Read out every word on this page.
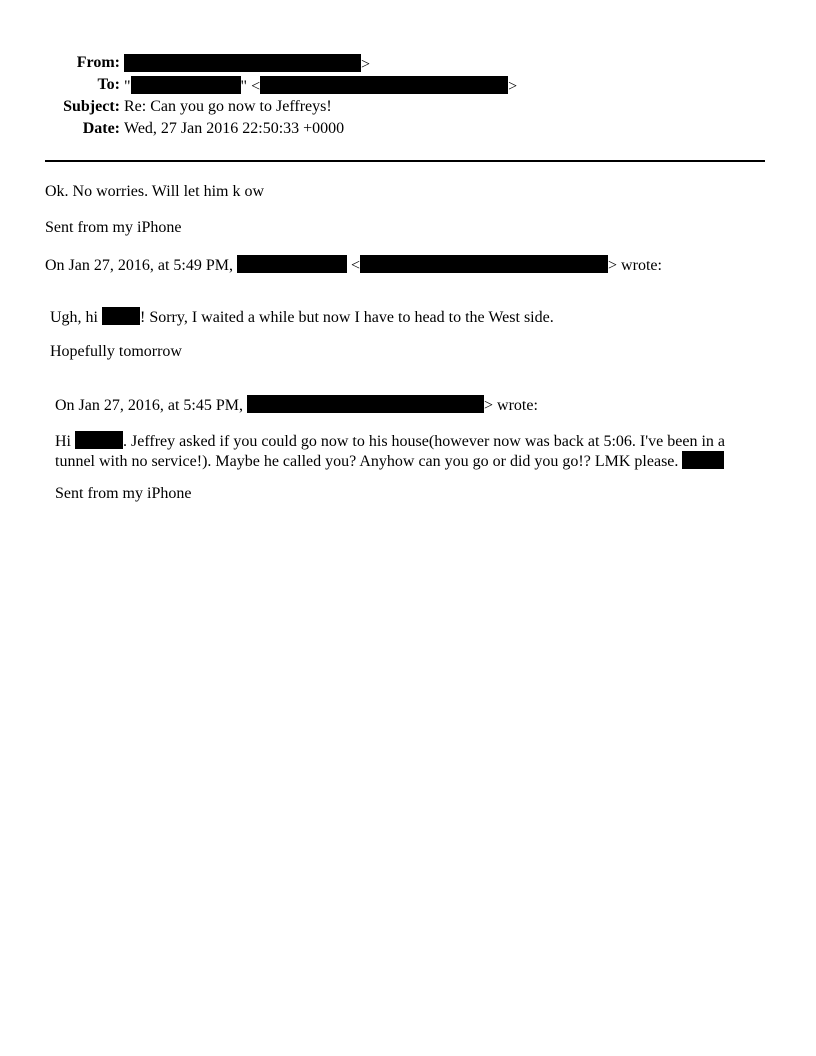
From:	>
To: "	" <	>
Subject: Re: Can you go now to Jeffreys!
Date: Wed, 27 Jan 2016 22:50:33 +0000
Ok. No worries. Will let him k ow
Sent from my iPhone
On Jan 27, 2016, at 5:49 PM,	<	> wrote:
Ugh, hi	! Sorry, I waited a while but now I have to head to the West side.
Hopefully tomorrow
On Jan 27, 2016, at 5:45 PM,	> wrote:
Hi	. Jeffrey asked if you could go now to his house(however now was back at 5:06. I've been in a tunnel with no service!). Maybe he called you? Anyhow can you go or did you go!? LMK please.
Sent from my iPhone
